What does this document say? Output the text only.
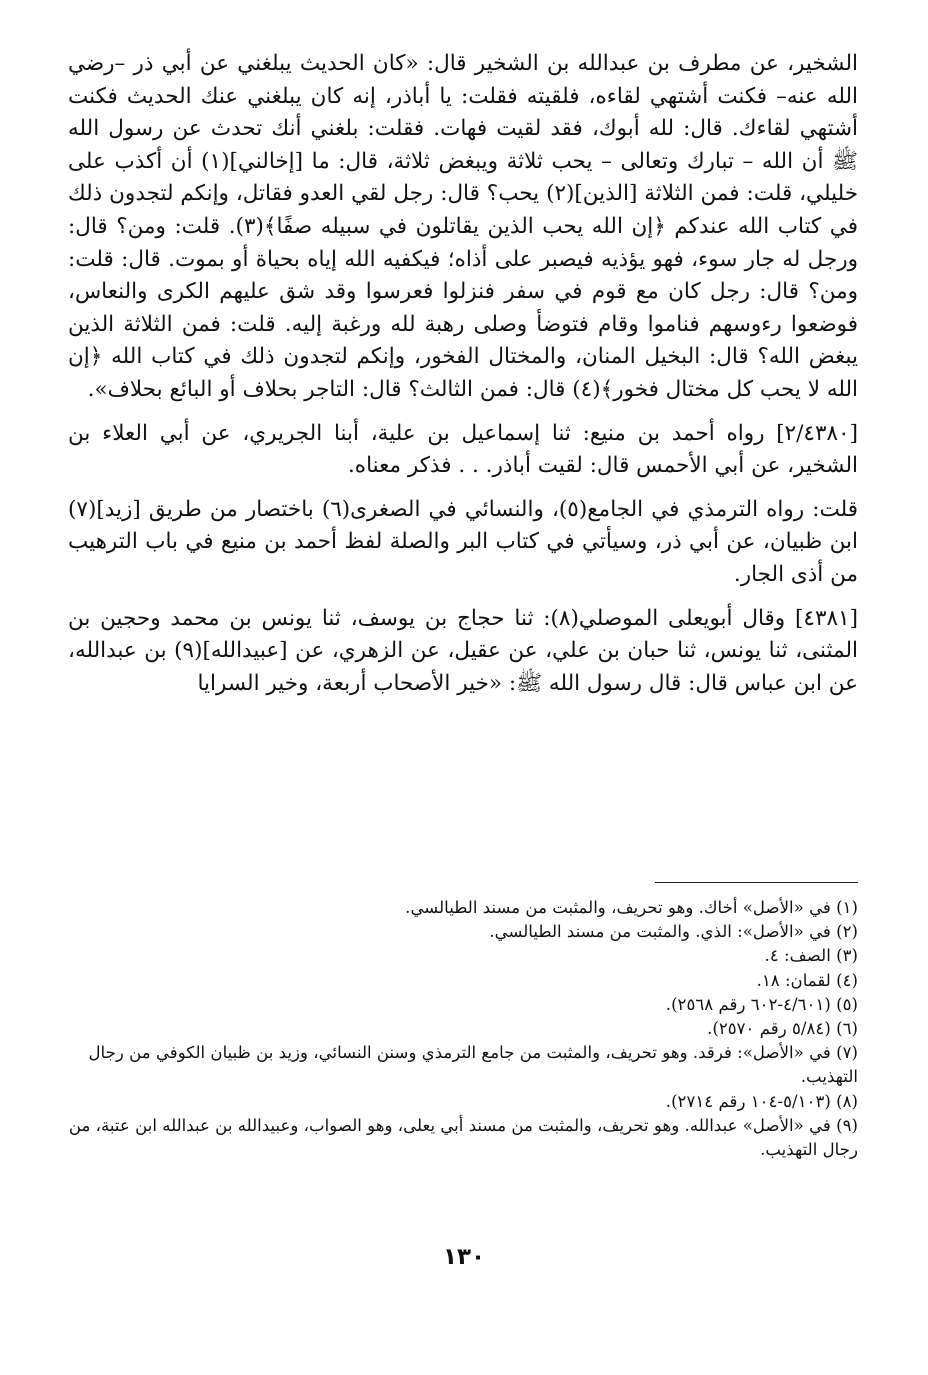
الشخير، عن مطرف بن عبدالله بن الشخير قال: «كان الحديث يبلغني عن أبي ذر –رضي الله عنه– فكنت أشتهي لقاءه، فلقيته فقلت: يا أباذر، إنه كان يبلغني عنك الحديث فكنت أشتهي لقاءك. قال: لله أبوك، فقد لقيت فهات. فقلت: بلغني أنك تحدث عن رسول الله ﷺ أن الله – تبارك وتعالى – يحب ثلاثة ويبغض ثلاثة، قال: ما [إخالني](١) أن أكذب على خليلي، قلت: فمن الثلاثة [الذين](٢) يحب؟ قال: رجل لقي العدو فقاتل، وإنكم لتجدون ذلك في كتاب الله عندكم ﴿إن الله يحب الذين يقاتلون في سبيله صفًا﴾(٣). قلت: ومن؟ قال: ورجل له جار سوء، فهو يؤذيه فيصبر على أذاه؛ فيكفيه الله إياه بحياة أو بموت. قال: قلت: ومن؟ قال: رجل كان مع قوم في سفر فنزلوا فعرسوا وقد شق عليهم الكرى والنعاس، فوضعوا رءوسهم فناموا وقام فتوضأ وصلى رهبة لله ورغبة إليه. قلت: فمن الثلاثة الذين يبغض الله؟ قال: البخيل المنان، والمختال الفخور، وإنكم لتجدون ذلك في كتاب الله ﴿إن الله لا يحب كل مختال فخور﴾(٤) قال: فمن الثالث؟ قال: التاجر بحلاف أو البائع بحلاف».

[٢/٤٣٨٠] رواه أحمد بن منيع: ثنا إسماعيل بن علية، أبنا الجريري، عن أبي العلاء بن الشخير، عن أبي الأحمس قال: لقيت أباذر. . . فذكر معناه.

قلت: رواه الترمذي في الجامع(٥)، والنسائي في الصغرى(٦) باختصار من طريق [زيد](٧) ابن ظبيان، عن أبي ذر، وسيأتي في كتاب البر والصلة لفظ أحمد بن منيع في باب الترهيب من أذى الجار.

[٤٣٨١] وقال أبويعلى الموصلي(٨): ثنا حجاج بن يوسف، ثنا يونس بن محمد وحجين بن المثنى، ثنا يونس، ثنا حبان بن علي، عن عقيل، عن الزهري، عن [عبيدالله](٩) بن عبدالله، عن ابن عباس قال: قال رسول الله ﷺ: «خير الأصحاب أربعة، وخير السرايا

(١) في «الأصل» أخاك. وهو تحريف، والمثبت من مسند الطيالسي.

(٢) في «الأصل»: الذي. والمثبت من مسند الطيالسي.

(٣) الصف: ٤.

(٤) لقمان: ١٨.

(٥) (٤/٦٠١-٦٠٢ رقم ٢٥٦٨).

(٦) (٥/٨٤ رقم ٢٥٧٠).

(٧) في «الأصل»: فرقد. وهو تحريف، والمثبت من جامع الترمذي وسنن النسائي، وزيد بن ظبيان الكوفي من رجال التهذيب.

(٨) (٥/١٠٣-١٠٤ رقم ٢٧١٤).

(٩) في «الأصل» عبدالله. وهو تحريف، والمثبت من مسند أبي يعلى، وهو الصواب، وعبيدالله بن عبدالله ابن عتبة، من رجال التهذيب.

١٣٠
